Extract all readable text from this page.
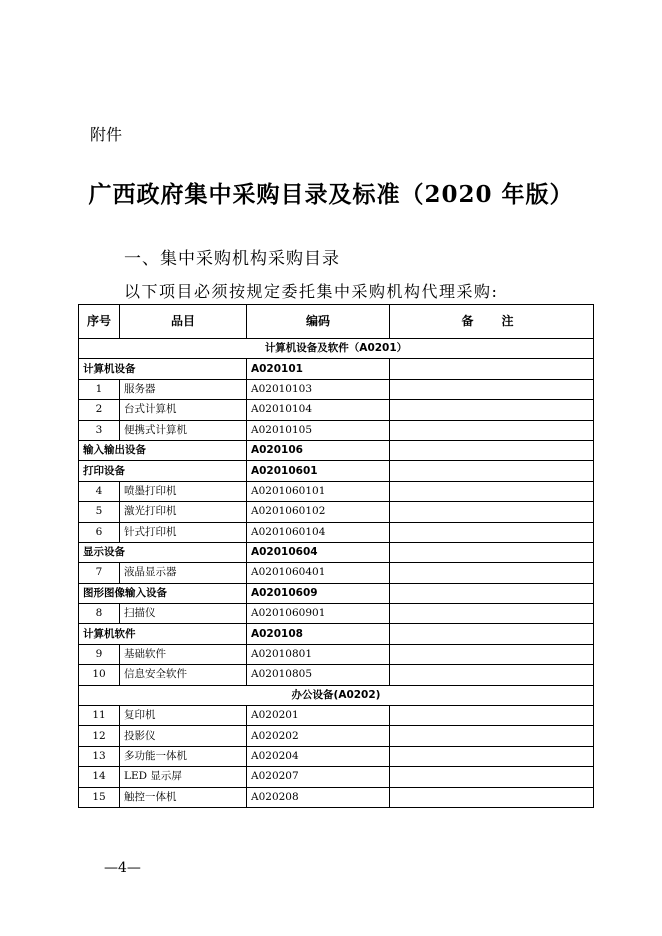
附件
广西政府集中采购目录及标准（2020 年版）
一、集中采购机构采购目录
以下项目必须按规定委托集中采购机构代理采购:
序号	品目	编码	备　注
计算机设备及软件（A0201）			
计算机设备		A020101	
1	服务器	A02010103	
2	台式计算机	A02010104	
3	便携式计算机	A02010105	
输入输出设备		A020106	
打印设备		A02010601	
4	喷墨打印机	A0201060101	
5	激光打印机	A0201060102	
6	针式打印机	A0201060104	
显示设备		A02010604	
7	液晶显示器	A0201060401	
图形图像输入设备		A02010609	
8	扫描仪	A0201060901	
计算机软件		A020108	
9	基础软件	A02010801	
10	信息安全软件	A02010805	
办公设备(A0202)			
11	复印机	A020201	
12	投影仪	A020202	
13	多功能一体机	A020204	
14	LED 显示屏	A020207	
15	触控一体机	A020208	
—4—
